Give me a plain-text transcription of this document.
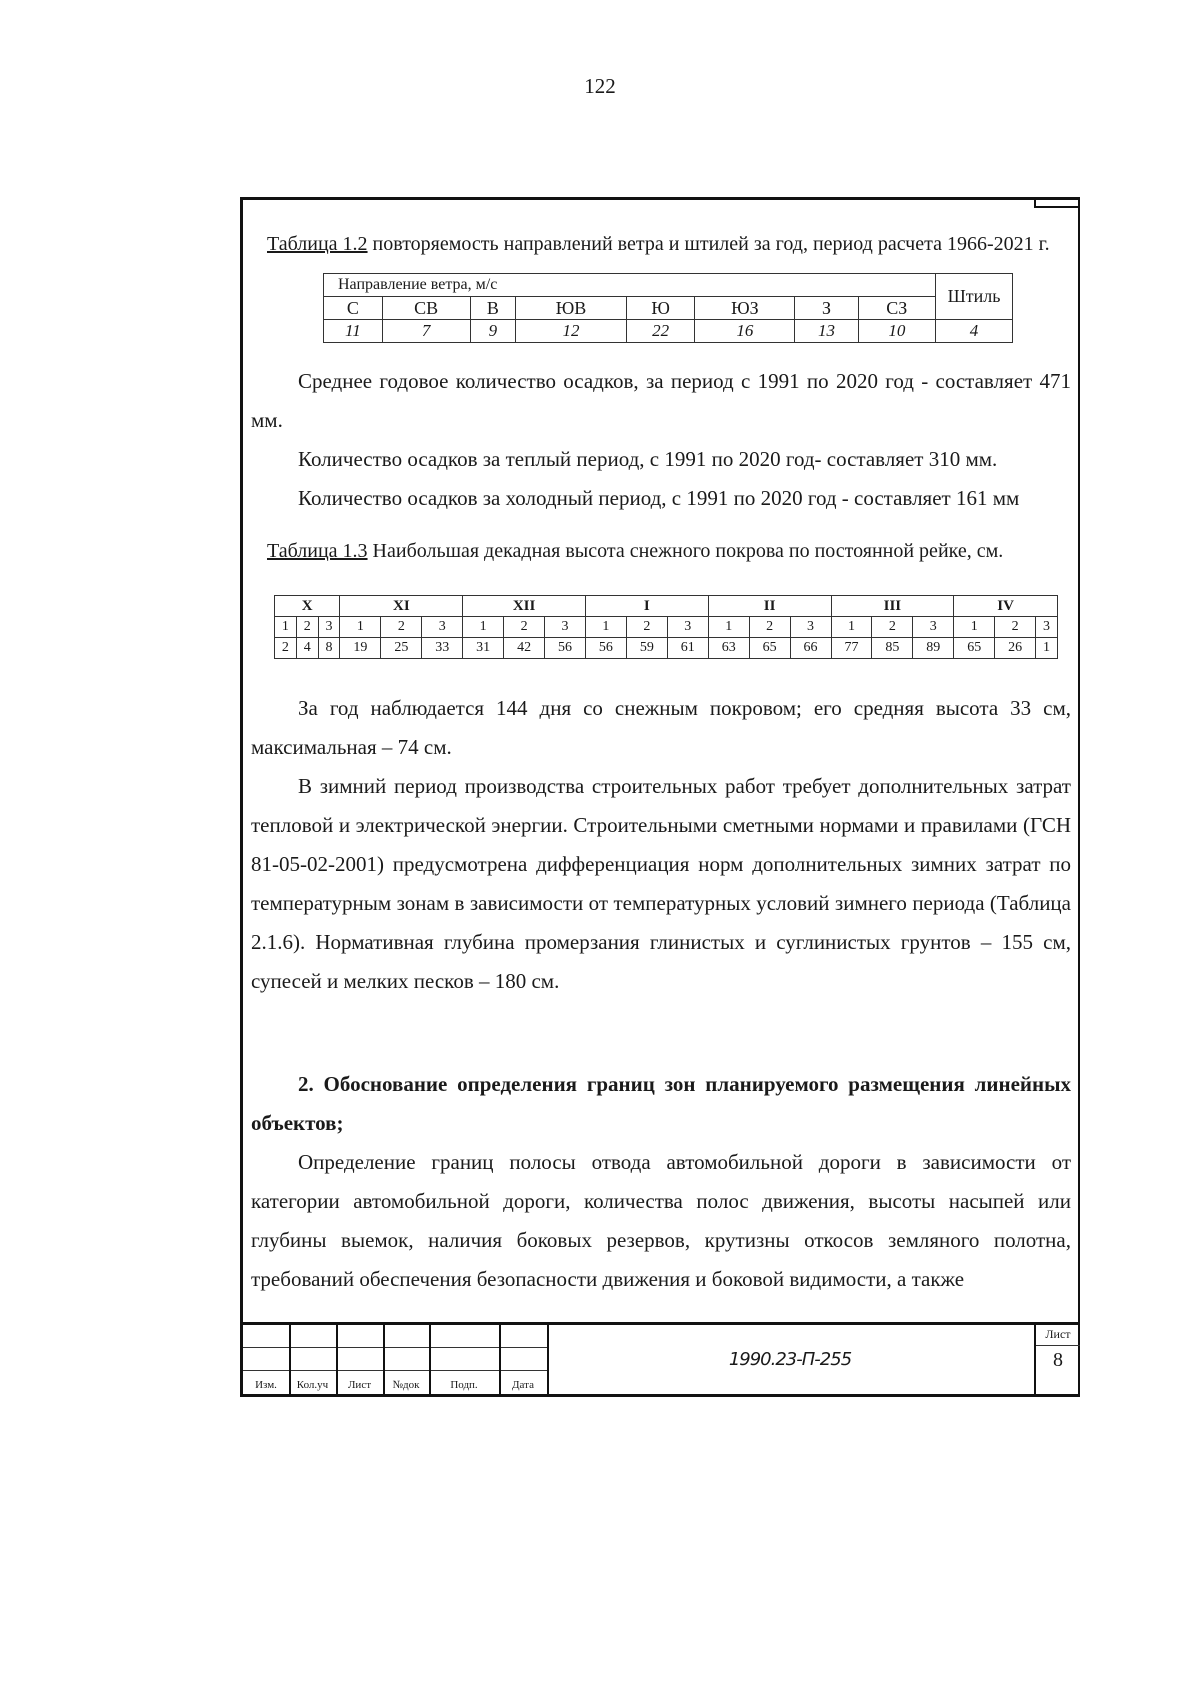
122
Таблица 1.2 повторяемость направлений ветра и штилей за год, период расчета 1966-2021 г.
Направление ветра, м/с								Штиль
С	СВ	В	ЮВ	Ю	ЮЗ	З	СЗ	
11	7	9	12	22	16	13	10	4

Среднее годовое количество осадков, за период с 1991 по 2020 год - составляет 471 мм.

Количество осадков за теплый период, с 1991 по 2020 год- составляет 310 мм.

Количество осадков за холодный период, с 1991 по 2020 год - составляет 161 мм

Таблица 1.3 Наибольшая декадная высота снежного покрова по постоянной рейке, см.
X			XI			XII			I			II			III			IV		
1	2	3	1	2	3	1	2	3	1	2	3	1	2	3	1	2	3	1	2	3
2	4	8	19	25	33	31	42	56	56	59	61	63	65	66	77	85	89	65	26	1

За год наблюдается 144 дня со снежным покровом; его средняя высота 33 см, максимальная – 74 см.

В зимний период производства строительных работ требует дополнительных затрат тепловой и электрической энергии. Строительными сметными нормами и правилами (ГСН 81-05-02-2001) предусмотрена дифференциация норм дополнительных зимних затрат по температурным зонам в зависимости от температурных условий зимнего периода (Таблица 2.1.6). Нормативная глубина промерзания глинистых и суглинистых грунтов – 155 см, супесей и мелких песков – 180 см.

2. Обоснование определения границ зон планируемого размещения линейных объектов;

Определение границ полосы отвода автомобильной дороги в зависимости от категории автомобильной дороги, количества полос движения, высоты насыпей или глубины выемок, наличия боковых резервов, крутизны откосов земляного полотна, требований обеспечения безопасности движения и боковой видимости, а также

Изм.	Кол.уч	Лист	№док	Подп.	Дата
1990.23-П-255
Лист
8
